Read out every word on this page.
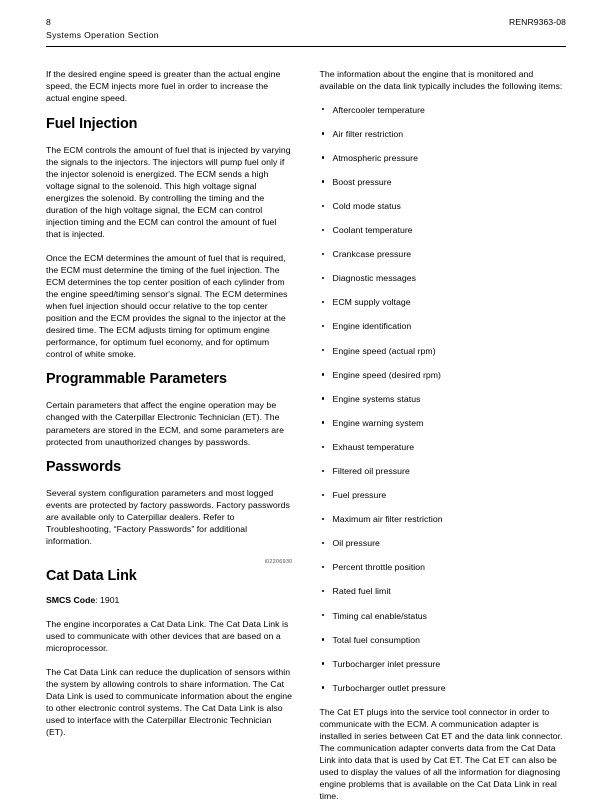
8	RENR9363-08
Systems Operation Section

If the desired engine speed is greater than the actual engine speed, the ECM injects more fuel in order to increase the actual engine speed.

Fuel Injection

The ECM controls the amount of fuel that is injected by varying the signals to the injectors. The injectors will pump fuel only if the injector solenoid is energized. The ECM sends a high voltage signal to the solenoid. This high voltage signal energizes the solenoid. By controlling the timing and the duration of the high voltage signal, the ECM can control injection timing and the ECM can control the amount of fuel that is injected.

Once the ECM determines the amount of fuel that is required, the ECM must determine the timing of the fuel injection. The ECM determines the top center position of each cylinder from the engine speed/timing sensor's signal. The ECM determines when fuel injection should occur relative to the top center position and the ECM provides the signal to the injector at the desired time. The ECM adjusts timing for optimum engine performance, for optimum fuel economy, and for optimum control of white smoke.

Programmable Parameters

Certain parameters that affect the engine operation may be changed with the Caterpillar Electronic Technician (ET). The parameters are stored in the ECM, and some parameters are protected from unauthorized changes by passwords.

Passwords

Several system configuration parameters and most logged events are protected by factory passwords. Factory passwords are available only to Caterpillar dealers. Refer to Troubleshooting, “Factory Passwords” for additional information.

i02206930
Cat Data Link
SMCS Code: 1901

The engine incorporates a Cat Data Link. The Cat Data Link is used to communicate with other devices that are based on a microprocessor.

The Cat Data Link can reduce the duplication of sensors within the system by allowing controls to share information. The Cat Data Link is used to communicate information about the engine to other electronic control systems. The Cat Data Link is also used to interface with the Caterpillar Electronic Technician (ET).

The information about the engine that is monitored and available on the data link typically includes the following items:

Aftercooler temperature
Air filter restriction
Atmospheric pressure
Boost pressure
Cold mode status
Coolant temperature
Crankcase pressure
Diagnostic messages
ECM supply voltage
Engine identification
Engine speed (actual rpm)
Engine speed (desired rpm)
Engine systems status
Engine warning system
Exhaust temperature
Filtered oil pressure
Fuel pressure
Maximum air filter restriction
Oil pressure
Percent throttle position
Rated fuel limit
Timing cal enable/status
Total fuel consumption
Turbocharger inlet pressure
Turbocharger outlet pressure

The Cat ET plugs into the service tool connector in order to communicate with the ECM. A communication adapter is installed in series between Cat ET and the data link connector. The communication adapter converts data from the Cat Data Link into data that is used by Cat ET. The Cat ET can also be used to display the values of all the information for diagnosing engine problems that is available on the Cat Data Link in real time.
